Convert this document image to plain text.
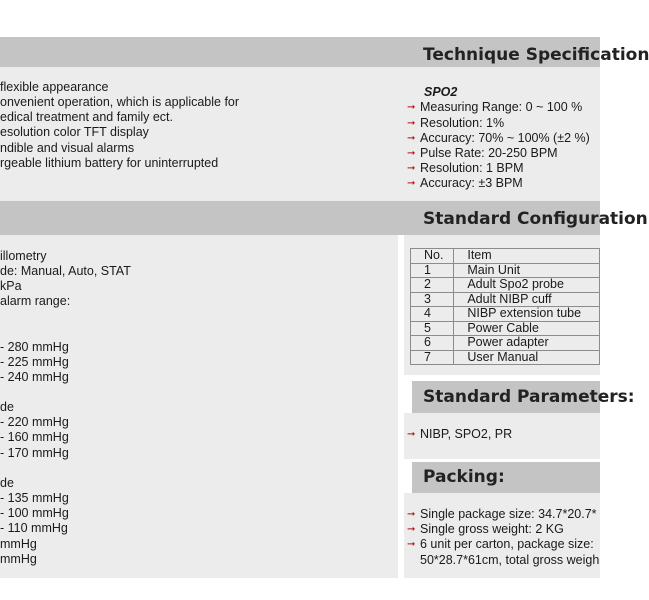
Technique Specification
Standard Configuration
Standard Parameters:
Packing:
flexible appearance
onvenient operation, which is applicable for
edical treatment and family ect.
esolution color TFT display
ndible and visual alarms
rgeable lithium battery for uninterrupted
illometry
de: Manual, Auto, STAT
kPa
alarm range:
- 280 mmHg
- 225 mmHg
- 240 mmHg
de
- 220 mmHg
- 160 mmHg
- 170 mmHg
de
- 135 mmHg
- 100 mmHg
- 110 mmHg
mmHg
mmHg
SPO2
➞ Measuring Range: 0 ~ 100 %
➞ Resolution: 1%
➞ Accuracy: 70% ~ 100% (±2 %)
➞ Pulse Rate: 20-250 BPM
➞ Resolution: 1 BPM
➞ Accuracy: ±3 BPM
No.	Item
1	Main Unit
2	Adult Spo2 probe
3	Adult NIBP cuff
4	NIBP extension tube
5	Power Cable
6	Power adapter
7	User Manual
➞ NIBP, SPO2, PR
➞ Single package size: 34.7*20.7*
➞ Single gross weight: 2 KG
➞ 6 unit per carton, package size:
50*28.7*61cm, total gross weigh
